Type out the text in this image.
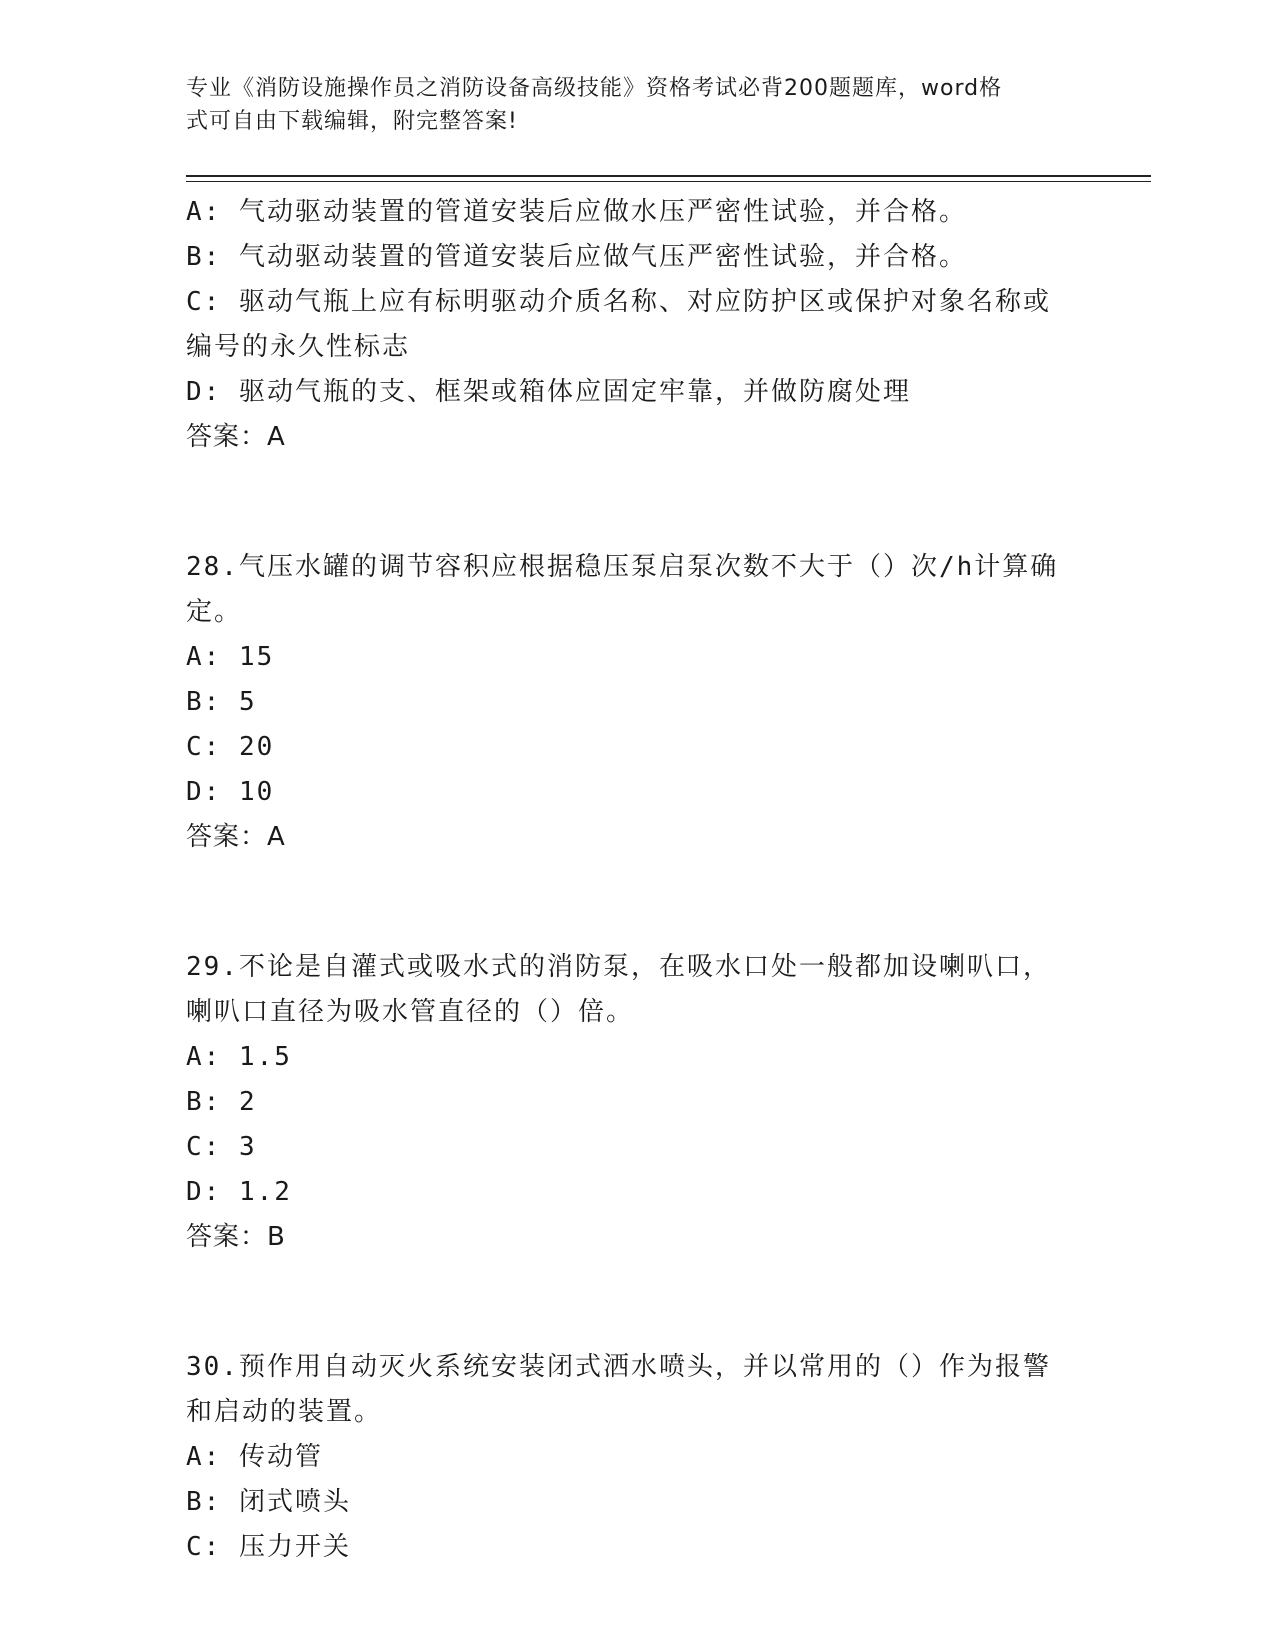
专业《消防设施操作员之消防设备高级技能》资格考试必背200题题库，word格
式可自由下载编辑，附完整答案!
A: 气动驱动装置的管道安装后应做水压严密性试验，并合格。
B: 气动驱动装置的管道安装后应做气压严密性试验，并合格。
C: 驱动气瓶上应有标明驱动介质名称、对应防护区或保护对象名称或
编号的永久性标志
D: 驱动气瓶的支、框架或箱体应固定牢靠，并做防腐处理
答案：A
28.气压水罐的调节容积应根据稳压泵启泵次数不大于（）次/h计算确
定。
A: 15
B: 5
C: 20
D: 10
答案：A
29.不论是自灌式或吸水式的消防泵，在吸水口处一般都加设喇叭口，
喇叭口直径为吸水管直径的（）倍。
A: 1.5
B: 2
C: 3
D: 1.2
答案：B
30.预作用自动灭火系统安装闭式洒水喷头，并以常用的（）作为报警
和启动的装置。
A: 传动管
B: 闭式喷头
C: 压力开关
